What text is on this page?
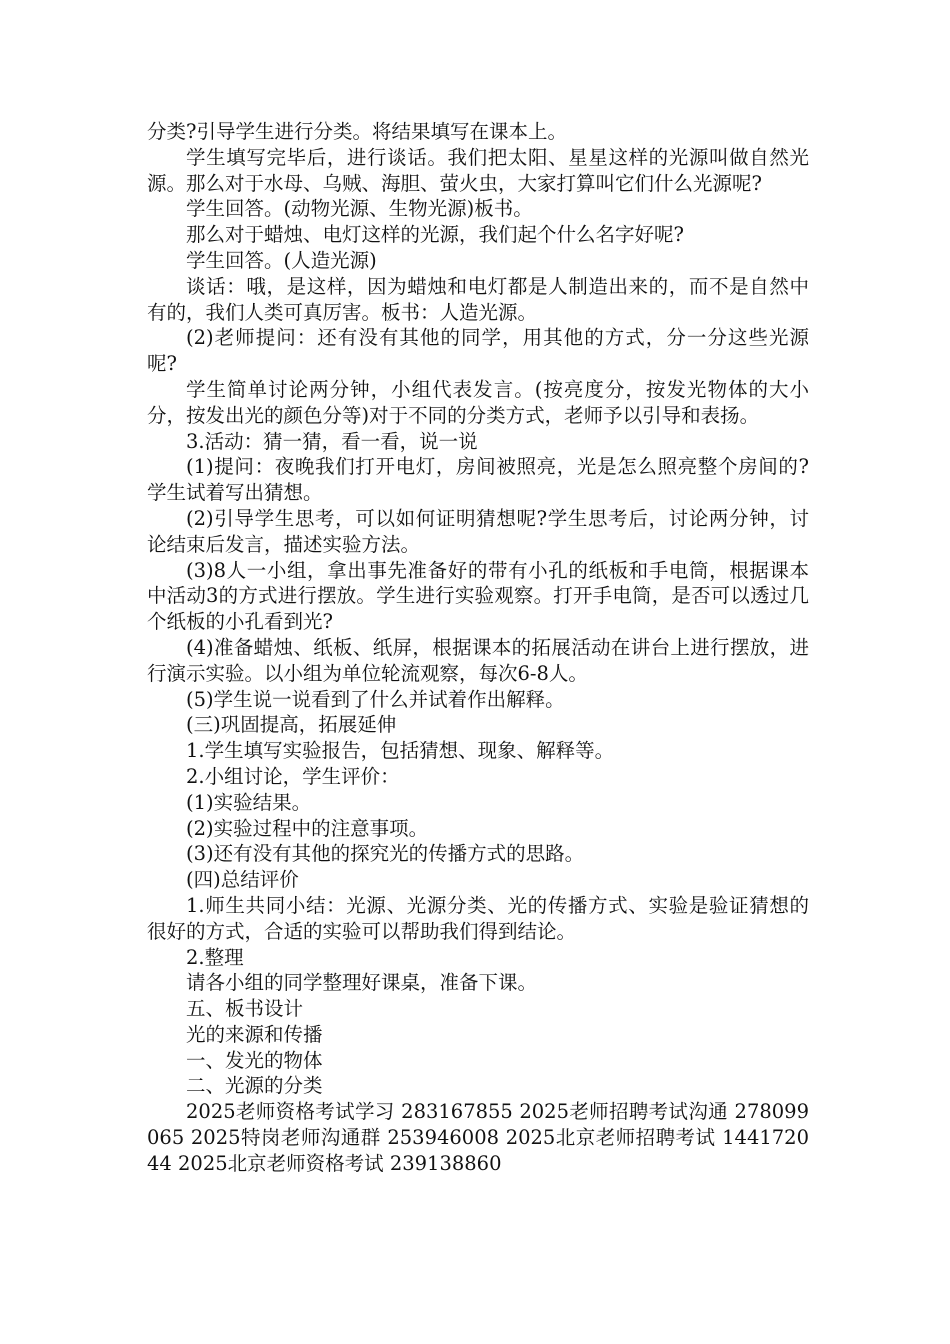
分类?引导学生进行分类。将结果填写在课本上。

学生填写完毕后，进行谈话。我们把太阳、星星这样的光源叫做自然光源。那么对于水母、乌贼、海胆、萤火虫，大家打算叫它们什么光源呢?

学生回答。(动物光源、生物光源)板书。

那么对于蜡烛、电灯这样的光源，我们起个什么名字好呢?

学生回答。(人造光源)

谈话：哦，是这样，因为蜡烛和电灯都是人制造出来的，而不是自然中有的，我们人类可真厉害。板书：人造光源。

(2)老师提问：还有没有其他的同学，用其他的方式，分一分这些光源呢?

学生简单讨论两分钟，小组代表发言。(按亮度分，按发光物体的大小分，按发出光的颜色分等)对于不同的分类方式，老师予以引导和表扬。

3.活动：猜一猜，看一看，说一说

(1)提问：夜晚我们打开电灯，房间被照亮，光是怎么照亮整个房间的?学生试着写出猜想。

(2)引导学生思考，可以如何证明猜想呢?学生思考后，讨论两分钟，讨论结束后发言，描述实验方法。

(3)8人一小组，拿出事先准备好的带有小孔的纸板和手电筒，根据课本中活动3的方式进行摆放。学生进行实验观察。打开手电筒，是否可以透过几个纸板的小孔看到光?

(4)准备蜡烛、纸板、纸屏，根据课本的拓展活动在讲台上进行摆放，进行演示实验。以小组为单位轮流观察，每次6-8人。

(5)学生说一说看到了什么并试着作出解释。

(三)巩固提高，拓展延伸

1.学生填写实验报告，包括猜想、现象、解释等。

2.小组讨论，学生评价：

(1)实验结果。

(2)实验过程中的注意事项。

(3)还有没有其他的探究光的传播方式的思路。

(四)总结评价

1.师生共同小结：光源、光源分类、光的传播方式、实验是验证猜想的很好的方式，合适的实验可以帮助我们得到结论。

2.整理

请各小组的同学整理好课桌，准备下课。

五、板书设计

光的来源和传播

一、发光的物体

二、光源的分类

2025老师资格考试学习 283167855 2025老师招聘考试沟通 278099065 2025特岗老师沟通群 253946008 2025北京老师招聘考试 144172044 2025北京老师资格考试 239138860
